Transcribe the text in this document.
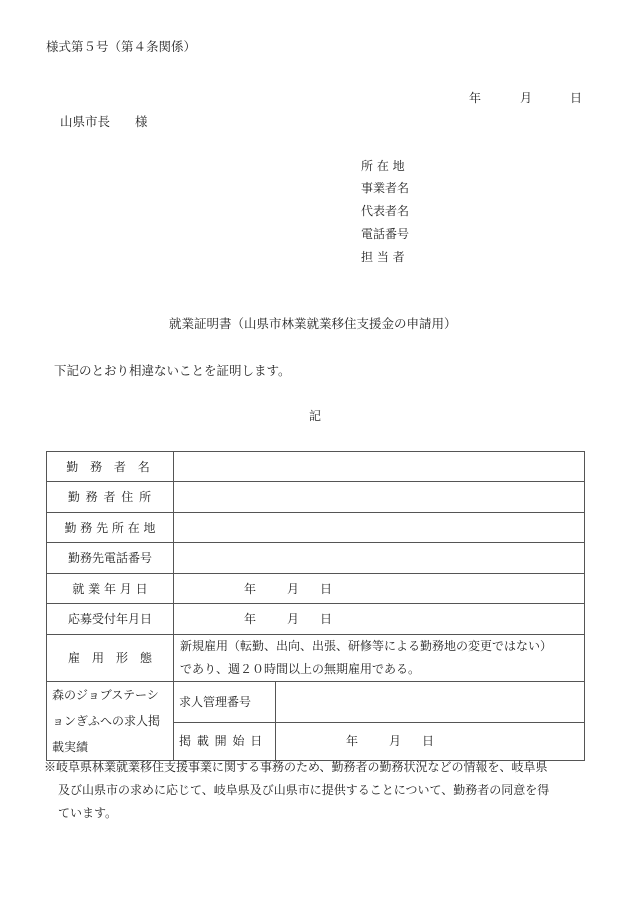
様式第５号（第４条関係）
年	月	日
山県市長　　様
所 在 地
事業者名
代表者名
電話番号
担 当 者
就業証明書（山県市林業就業移住支援金の申請用）
下記のとおり相違ないことを証明します。
記
勤 務 者 名		
勤 務 者 住 所		
勤 務 先 所 在 地		
勤務先電話番号		
就 業 年 月 日	年 月 日	

応募受付年月日	年 月 日	

雇　用　形　態	新規雇用（転勤、出向、出張、研修等による勤務地の変更ではない）
であり、週２０時間以上の無期雇用である。	

森のジョブステーシ
ョンぎふへの求人掲
載実績	求人管理番号	
	掲 載 開 始 日	年 月 日
※岐阜県林業就業移住支援事業に関する事務のため、勤務者の勤務状況などの情報を、岐阜県
及び山県市の求めに応じて、岐阜県及び山県市に提供することについて、勤務者の同意を得
ています。
